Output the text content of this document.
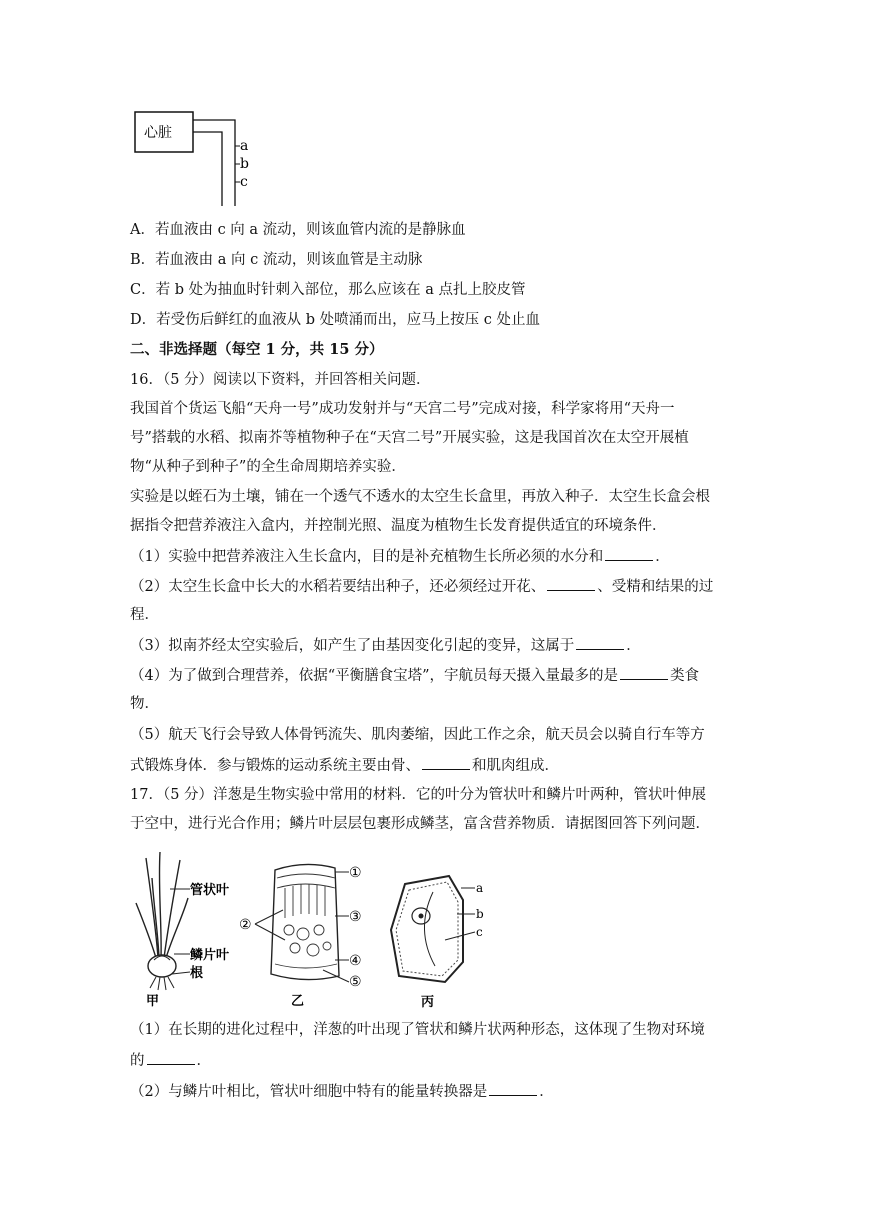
心脏
a
b
c
A．若血液由 c 向 a 流动，则该血管内流的是静脉血
B．若血液由 a 向 c 流动，则该血管是主动脉
C．若 b 处为抽血时针刺入部位，那么应该在 a 点扎上胶皮管
D．若受伤后鲜红的血液从 b 处喷涌而出，应马上按压 c 处止血
二、非选择题（每空 1 分，共 15 分）
16．（5 分）阅读以下资料，并回答相关问题．
我国首个货运飞船“天舟一号”成功发射并与“天宫二号”完成对接，科学家将用“天舟一
号”搭载的水稻、拟南芥等植物种子在“天宫二号”开展实验，这是我国首次在太空开展植
物“从种子到种子”的全生命周期培养实验．
实验是以蛭石为土壤，铺在一个透气不透水的太空生长盒里，再放入种子．太空生长盒会根
据指令把营养液注入盒内，并控制光照、温度为植物生长发育提供适宜的环境条件．
（1）实验中把营养液注入生长盒内，目的是补充植物生长所必须的水分和	．
（2）太空生长盒中长大的水稻若要结出种子，还必须经过开花、	、受精和结果的过
程．
（3）拟南芥经太空实验后，如产生了由基因变化引起的变异，这属于	．
（4）为了做到合理营养，依据“平衡膳食宝塔”，宇航员每天摄入量最多的是	类食
物．
（5）航天飞行会导致人体骨钙流失、肌肉萎缩，因此工作之余，航天员会以骑自行车等方
式锻炼身体．参与锻炼的运动系统主要由骨、	和肌肉组成．
17．（5 分）洋葱是生物实验中常用的材料．它的叶分为管状叶和鳞片叶两种，管状叶伸展
于空中，进行光合作用；鳞片叶层层包裹形成鳞茎，富含营养物质．请据图回答下列问题．
管状叶
鳞片叶
根
甲
①
②	③
④
⑤
乙
a
b
c
丙
（1）在长期的进化过程中，洋葱的叶出现了管状和鳞片状两种形态，这体现了生物对环境
的	．
（2）与鳞片叶相比，管状叶细胞中特有的能量转换器是	．
